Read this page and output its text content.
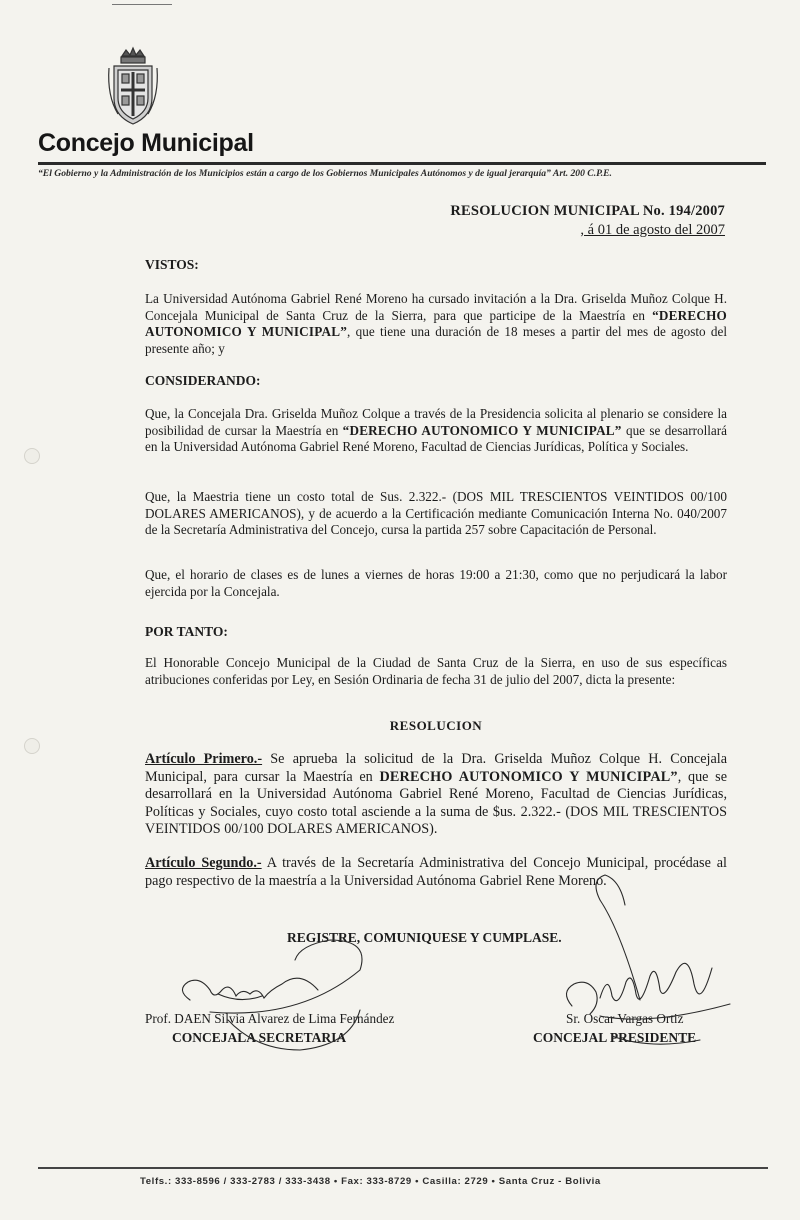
Concejo Municipal
“El Gobierno y la Administración de los Municipios están a cargo de los Gobiernos Municipales Autónomos y de igual jerarquía” Art. 200 C.P.E.
RESOLUCION MUNICIPAL No. 194/2007
, á 01 de agosto del 2007
VISTOS:
La Universidad Autónoma Gabriel René Moreno ha cursado invitación a la Dra. Griselda Muñoz Colque H. Concejala Municipal de Santa Cruz de la Sierra, para que participe de la Maestría en “DERECHO AUTONOMICO Y MUNICIPAL”, que tiene una duración de 18 meses a partir del mes de agosto del presente año; y
CONSIDERANDO:
Que, la Concejala Dra. Griselda Muñoz Colque a través de la Presidencia solicita al plenario se considere la posibilidad de cursar la Maestría en “DERECHO AUTONOMICO Y MUNICIPAL” que se desarrollará en la Universidad Autónoma Gabriel René Moreno, Facultad de Ciencias Jurídicas, Política y Sociales.
Que, la Maestria tiene un costo total de Sus. 2.322.- (DOS MIL TRESCIENTOS VEINTIDOS 00/100 DOLARES AMERICANOS), y de acuerdo a la Certificación mediante Comunicación Interna No. 040/2007 de la Secretaría Administrativa del Concejo, cursa la partida 257 sobre Capacitación de Personal.
Que, el horario de clases es de lunes a viernes de horas 19:00 a 21:30, como que no perjudicará la labor ejercida por la Concejala.
POR TANTO:
El Honorable Concejo Municipal de la Ciudad de Santa Cruz de la Sierra, en uso de sus específicas atribuciones conferidas por Ley, en Sesión Ordinaria de fecha 31 de julio del 2007, dicta la presente:
RESOLUCION
Artículo Primero.- Se aprueba la solicitud de la Dra. Griselda Muñoz Colque H. Concejala Municipal, para cursar la Maestría en DERECHO AUTONOMICO Y MUNICIPAL”, que se desarrollará en la Universidad Autónoma Gabriel René Moreno, Facultad de Ciencias Jurídicas, Políticas y Sociales, cuyo costo total asciende a la suma de $us. 2.322.- (DOS MIL TRESCIENTOS VEINTIDOS 00/100 DOLARES AMERICANOS).
Artículo Segundo.- A través de la Secretaría Administrativa del Concejo Municipal, procédase al pago respectivo de la maestría a la Universidad Autónoma Gabriel Rene Moreno.
REGISTRE, COMUNIQUESE Y CUMPLASE.
Prof. DAEN Silvia Alvarez de Lima Fernández
CONCEJALA SECRETARIA
Sr. Oscar Vargas Ortiz
CONCEJAL PRESIDENTE
Telfs.: 333-8596 / 333-2783 / 333-3438 • Fax: 333-8729 • Casilla: 2729 • Santa Cruz - Bolivia
